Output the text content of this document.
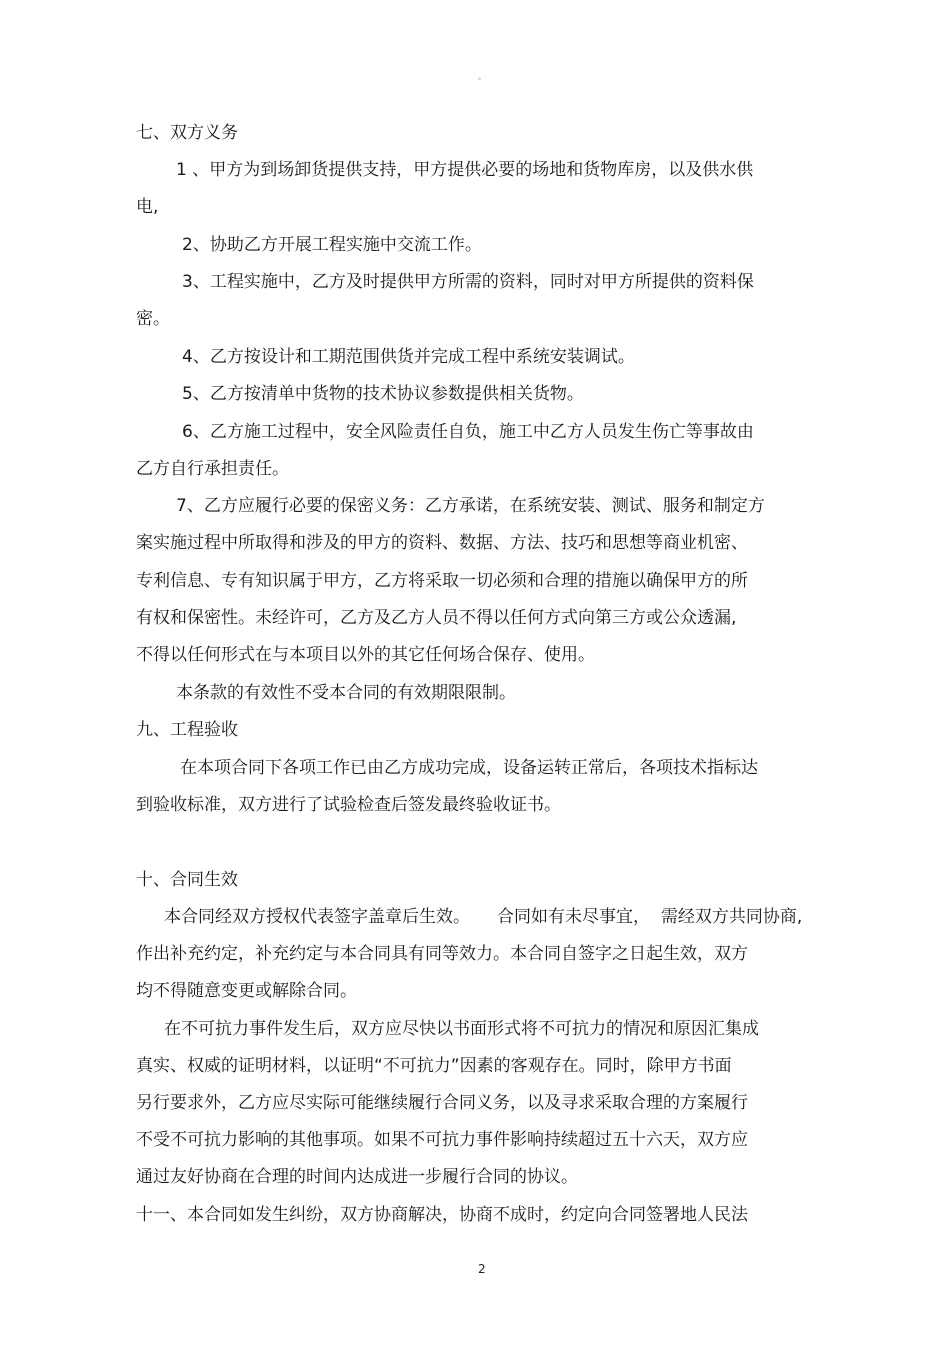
。
七、双方义务
1 、甲方为到场卸货提供支持，甲方提供必要的场地和货物库房，以及供水供
电,
2、协助乙方开展工程实施中交流工作。
3、工程实施中，乙方及时提供甲方所需的资料，同时对甲方所提供的资料保
密。
4、乙方按设计和工期范围供货并完成工程中系统安装调试。
5、乙方按清单中货物的技术协议参数提供相关货物。
6、乙方施工过程中，安全风险责任自负，施工中乙方人员发生伤亡等事故由
乙方自行承担责任。
7、乙方应履行必要的保密义务：乙方承诺，在系统安装、测试、服务和制定方
案实施过程中所取得和涉及的甲方的资料、数据、方法、技巧和思想等商业机密、
专利信息、专有知识属于甲方，乙方将采取一切必须和合理的措施以确保甲方的所
有权和保密性。未经许可，乙方及乙方人员不得以任何方式向第三方或公众透漏,
不得以任何形式在与本项目以外的其它任何场合保存、使用。
本条款的有效性不受本合同的有效期限限制。
九、工程验收
在本项合同下各项工作已由乙方成功完成，设备运转正常后，各项技术指标达
到验收标准，双方进行了试验检查后签发最终验收证书。
十、合同生效
本合同经双方授权代表签字盖章后生效。     合同如有未尽事宜，  需经双方共同协商,
作出补充约定，补充约定与本合同具有同等效力。本合同自签字之日起生效，双方
均不得随意变更或解除合同。
在不可抗力事件发生后，双方应尽快以书面形式将不可抗力的情况和原因汇集成
真实、权威的证明材料，以证明“不可抗力”因素的客观存在。同时，除甲方书面
另行要求外，乙方应尽实际可能继续履行合同义务，以及寻求采取合理的方案履行
不受不可抗力影响的其他事项。如果不可抗力事件影响持续超过五十六天，双方应
通过友好协商在合理的时间内达成进一步履行合同的协议。
十一、本合同如发生纠纷，双方协商解决，协商不成时，约定向合同签署地人民法
2
